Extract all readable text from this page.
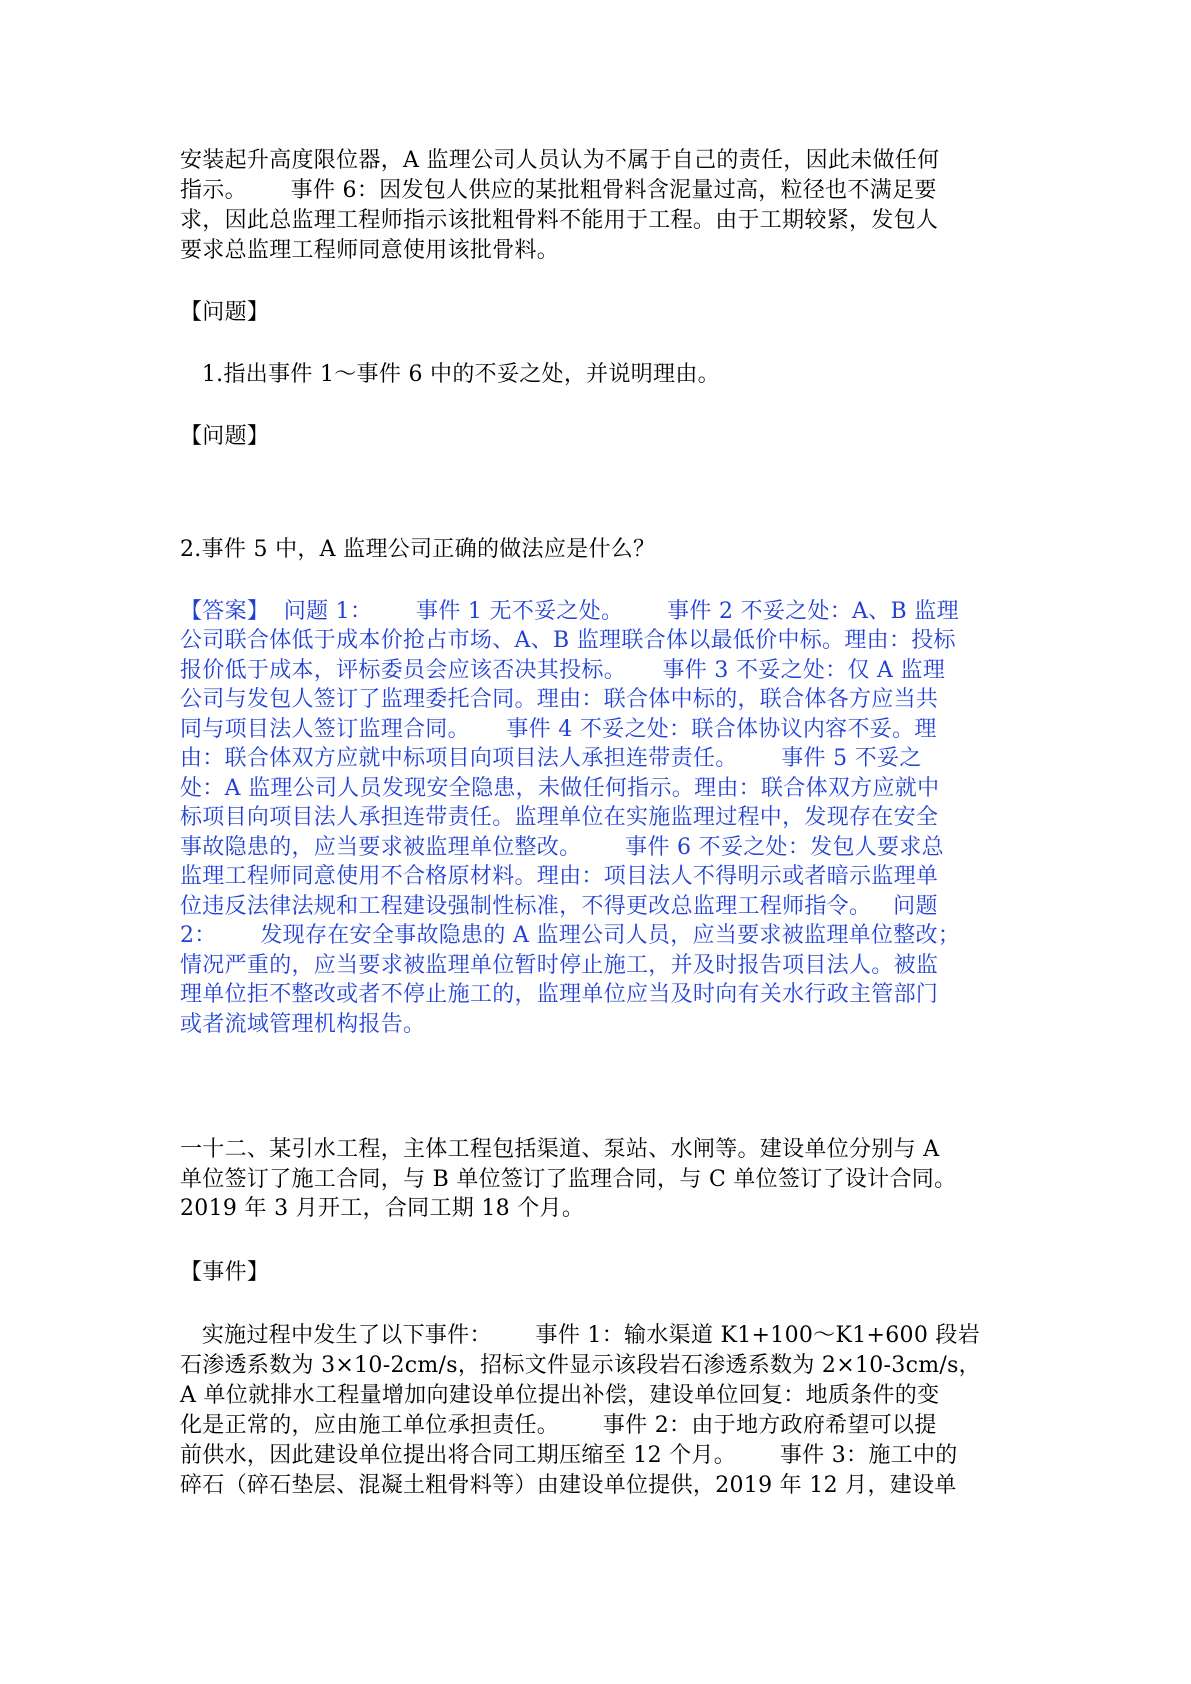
安装起升高度限位器，A 监理公司人员认为不属于自己的责任，因此未做任何
指示。      事件 6：因发包人供应的某批粗骨料含泥量过高，粒径也不满足要
求，因此总监理工程师指示该批粗骨料不能用于工程。由于工期较紧，发包人
要求总监理工程师同意使用该批骨料。
【问题】
1.指出事件 1～事件 6 中的不妥之处，并说明理由。
【问题】
2.事件 5 中，A 监理公司正确的做法应是什么？
【答案】  问题 1：      事件 1 无不妥之处。      事件 2 不妥之处：A、B 监理
公司联合体低于成本价抢占市场、A、B 监理联合体以最低价中标。理由：投标
报价低于成本，评标委员会应该否决其投标。     事件 3 不妥之处：仅 A 监理
公司与发包人签订了监理委托合同。理由：联合体中标的，联合体各方应当共
同与项目法人签订监理合同。     事件 4 不妥之处：联合体协议内容不妥。理
由：联合体双方应就中标项目向项目法人承担连带责任。      事件 5 不妥之
处：A 监理公司人员发现安全隐患，未做任何指示。理由：联合体双方应就中
标项目向项目法人承担连带责任。监理单位在实施监理过程中，发现存在安全
事故隐患的，应当要求被监理单位整改。      事件 6 不妥之处：发包人要求总
监理工程师同意使用不合格原材料。理由：项目法人不得明示或者暗示监理单
位违反法律法规和工程建设强制性标准，不得更改总监理工程师指令。   问题
2：      发现存在安全事故隐患的 A 监理公司人员，应当要求被监理单位整改；
情况严重的，应当要求被监理单位暂时停止施工，并及时报告项目法人。被监
理单位拒不整改或者不停止施工的，监理单位应当及时向有关水行政主管部门
或者流域管理机构报告。
一十二、某引水工程，主体工程包括渠道、泵站、水闸等。建设单位分别与 A
单位签订了施工合同，与 B 单位签订了监理合同，与 C 单位签订了设计合同。
2019 年 3 月开工，合同工期 18 个月。
【事件】
实施过程中发生了以下事件：      事件 1：输水渠道 K1+100～K1+600 段岩
石渗透系数为 3×10-2cm/s，招标文件显示该段岩石渗透系数为 2×10-3cm/s，
A 单位就排水工程量增加向建设单位提出补偿，建设单位回复：地质条件的变
化是正常的，应由施工单位承担责任。      事件 2：由于地方政府希望可以提
前供水，因此建设单位提出将合同工期压缩至 12 个月。      事件 3：施工中的
碎石（碎石垫层、混凝土粗骨料等）由建设单位提供，2019 年 12 月，建设单
